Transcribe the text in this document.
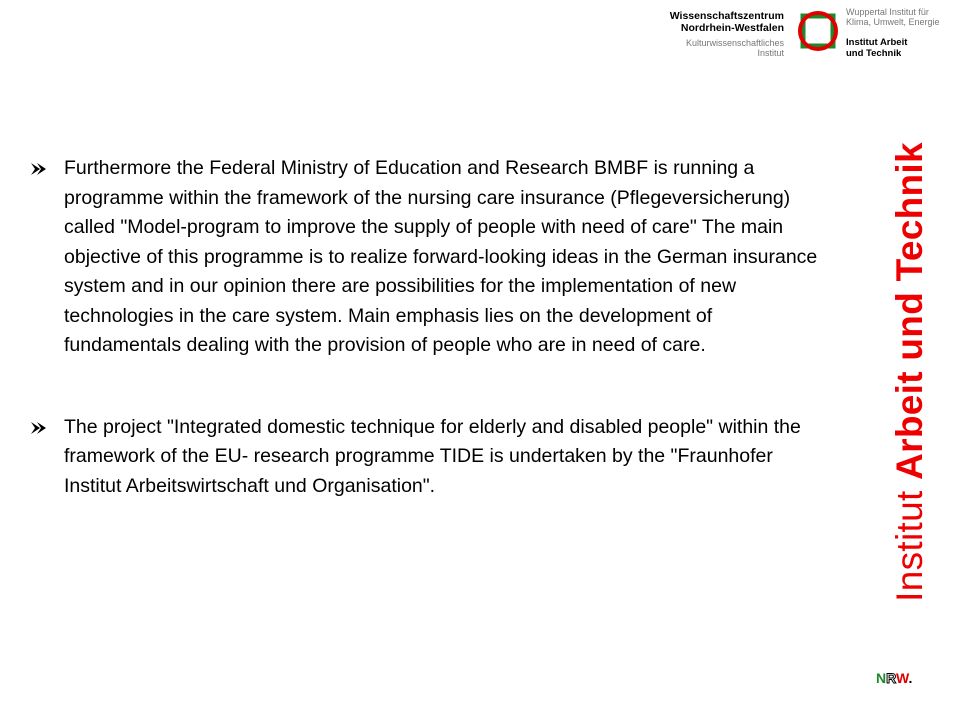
Wissenschaftszentrum
Nordrhein-Westfalen
Kulturwissenschaftliches
Institut
Wuppertal Institut für
Klima, Umwelt, Energie
Institut Arbeit
und Technik
Institut Arbeit und Technik
Furthermore the Federal Ministry of Education and Research BMBF is running a programme within the framework of the nursing care insurance (Pflegeversicherung) called "Model-program to improve the supply of people with need of care" The main objective of this programme is to realize forward-looking ideas in the German insurance system and in our opinion there are possibilities for the implementation of new technologies in the care system. Main emphasis lies on the development of fundamentals dealing with the provision of people who are in need of care.
The project "Integrated domestic technique for elderly and disabled people" within the framework of the EU- research programme TIDE is undertaken by the "Fraunhofer Institut Arbeitswirtschaft und Organisation".
NRW.
